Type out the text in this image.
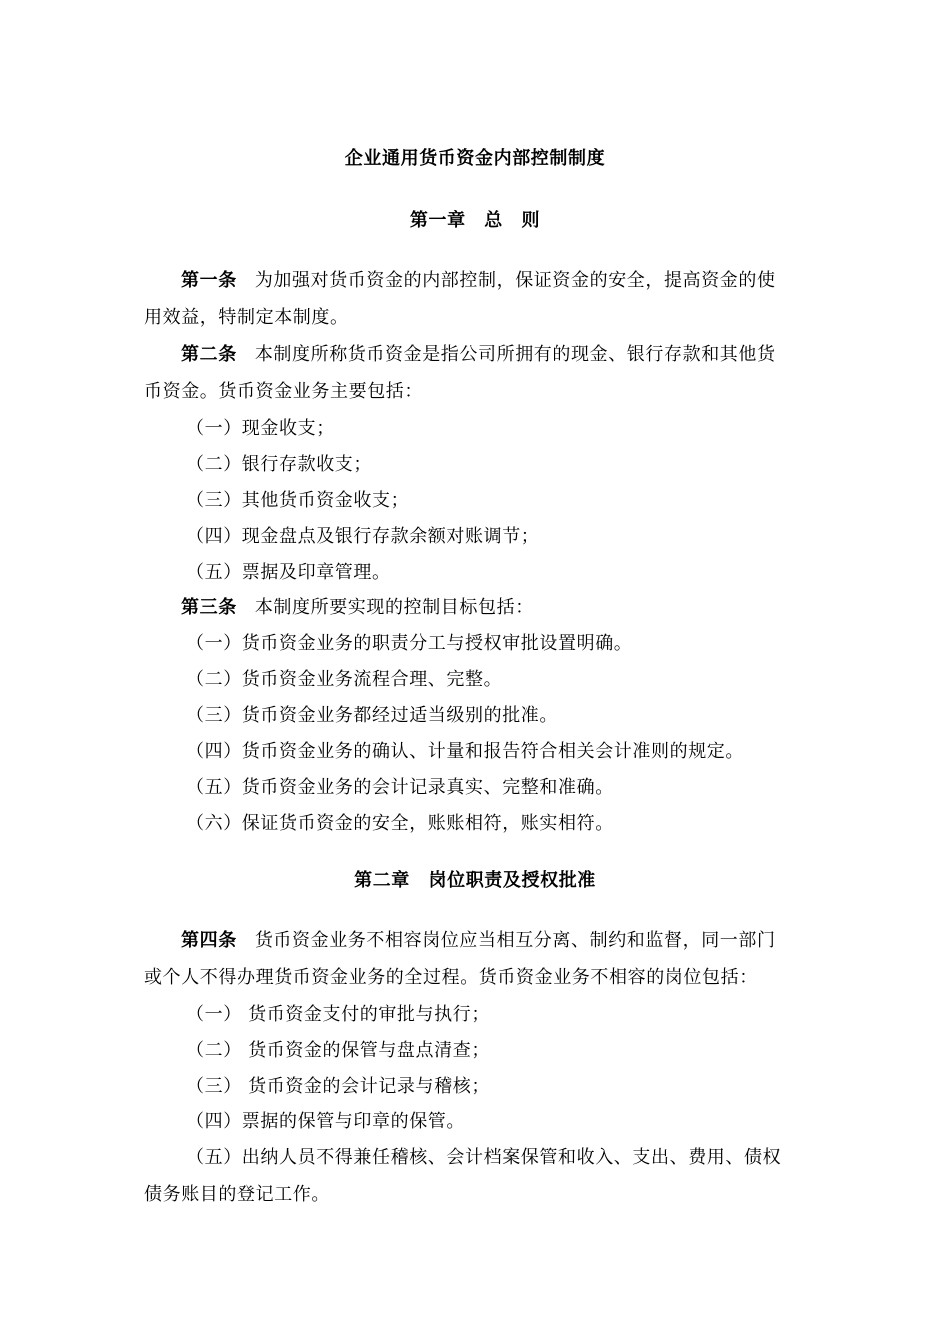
企业通用货币资金内部控制制度
第一章　总　则
第一条 为加强对货币资金的内部控制，保证资金的安全，提高资金的使
用效益，特制定本制度。
第二条 本制度所称货币资金是指公司所拥有的现金、银行存款和其他货
币资金。货币资金业务主要包括：
（一）现金收支；
（二）银行存款收支；
（三）其他货币资金收支；
（四）现金盘点及银行存款余额对账调节；
（五）票据及印章管理。
第三条 本制度所要实现的控制目标包括：
（一）货币资金业务的职责分工与授权审批设置明确。
（二）货币资金业务流程合理、完整。
（三）货币资金业务都经过适当级别的批准。
（四）货币资金业务的确认、计量和报告符合相关会计准则的规定。
（五）货币资金业务的会计记录真实、完整和准确。
（六）保证货币资金的安全，账账相符，账实相符。
第二章　岗位职责及授权批准
第四条 货币资金业务不相容岗位应当相互分离、制约和监督，同一部门
或个人不得办理货币资金业务的全过程。货币资金业务不相容的岗位包括：
（一） 货币资金支付的审批与执行；
（二） 货币资金的保管与盘点清查；
（三） 货币资金的会计记录与稽核；
（四）票据的保管与印章的保管。
（五）出纳人员不得兼任稽核、会计档案保管和收入、支出、费用、债权
债务账目的登记工作。
